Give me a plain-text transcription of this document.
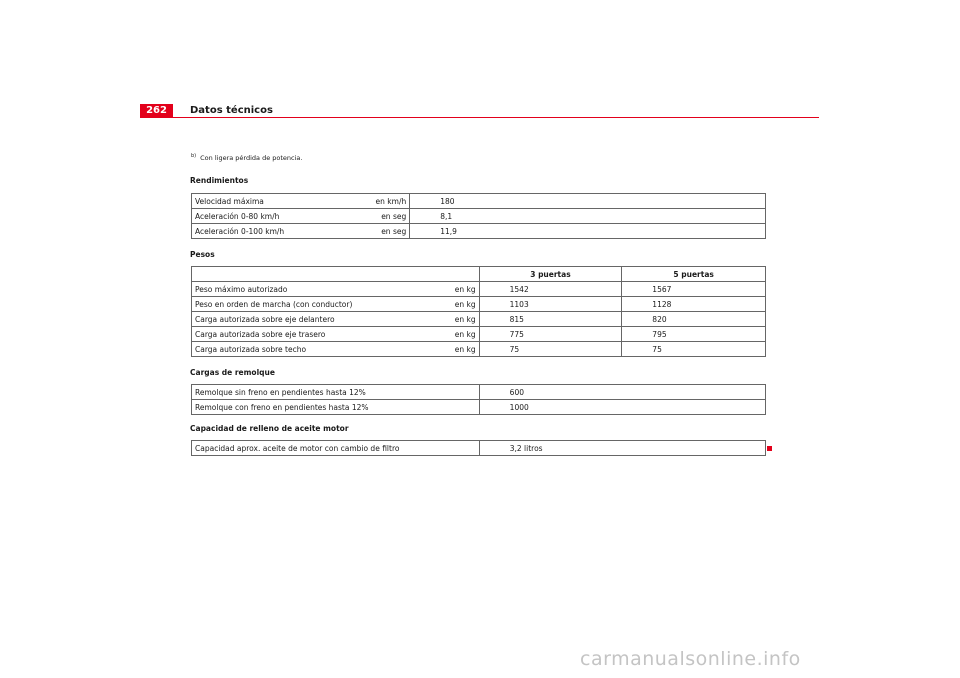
262	Datos técnicos
$^{b)}$ Con ligera pérdida de potencia.
Rendimientos
Velocidad máxima en km/h	180

Aceleración 0-80 km/h en seg	8,1

Aceleración 0-100 km/h en seg	11,9
Pesos
	3 puertas	5 puertas

Peso máximo autorizado en kg	1542	1567

Peso en orden de marcha (con conductor) en kg	1103	1128

Carga autorizada sobre eje delantero en kg	815	820

Carga autorizada sobre eje trasero en kg	775	795

Carga autorizada sobre techo en kg	75	75
Cargas de remolque
Remolque sin freno en pendientes hasta 12%	600
Remolque con freno en pendientes hasta 12%	1000
Capacidad de relleno de aceite motor
Capacidad aprox. aceite de motor con cambio de filtro	3,2 litros
carmanualsonline.info
